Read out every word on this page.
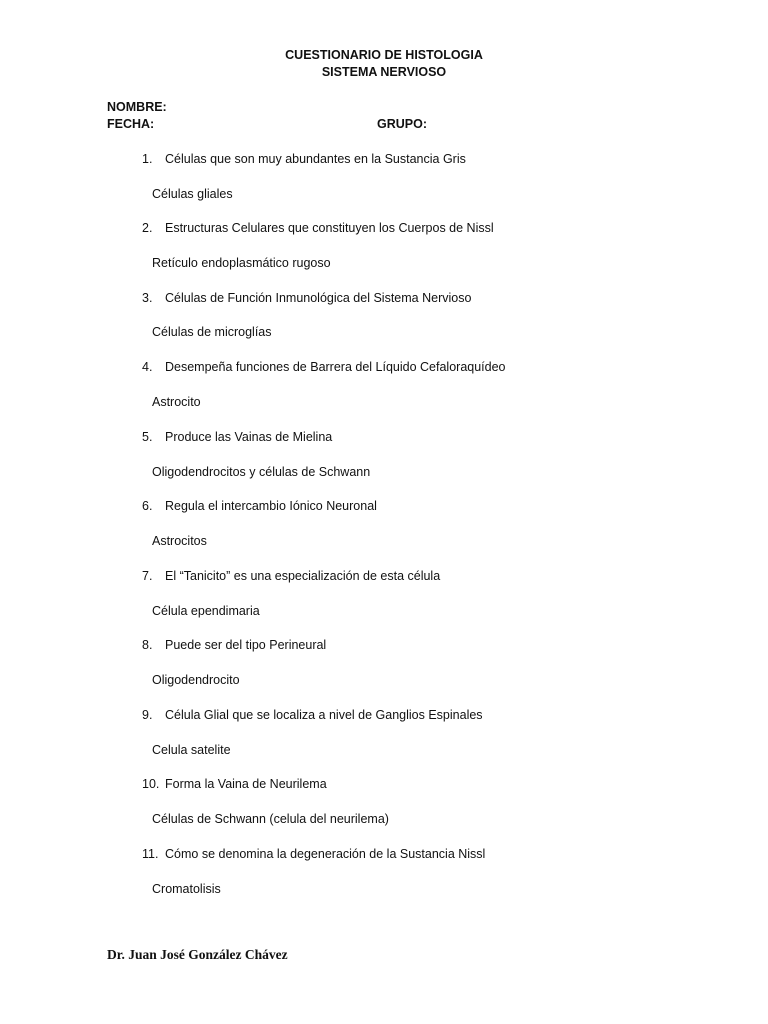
CUESTIONARIO DE HISTOLOGIA
SISTEMA NERVIOSO
NOMBRE:
FECHA:	GRUPO:
1. Células que son muy abundantes en la Sustancia Gris
Células gliales
2. Estructuras Celulares que constituyen los Cuerpos de Nissl
Retículo endoplasmático rugoso
3. Células de Función Inmunológica del Sistema Nervioso
Células de microglías
4. Desempeña funciones de Barrera del Líquido Cefaloraquídeo
Astrocito
5. Produce las Vainas de Mielina
Oligodendrocitos y células de Schwann
6. Regula el intercambio Iónico Neuronal
Astrocitos
7. El “Tanicito” es una especialización de esta célula
Célula ependimaria
8. Puede ser del tipo Perineural
Oligodendrocito
9. Célula Glial que se localiza a nivel de Ganglios Espinales
Celula satelite
10. Forma la Vaina de Neurilema
Células de Schwann (celula del neurilema)
11. Cómo se denomina la degeneración de la Sustancia Nissl
Cromatolisis
Dr. Juan José González Chávez
